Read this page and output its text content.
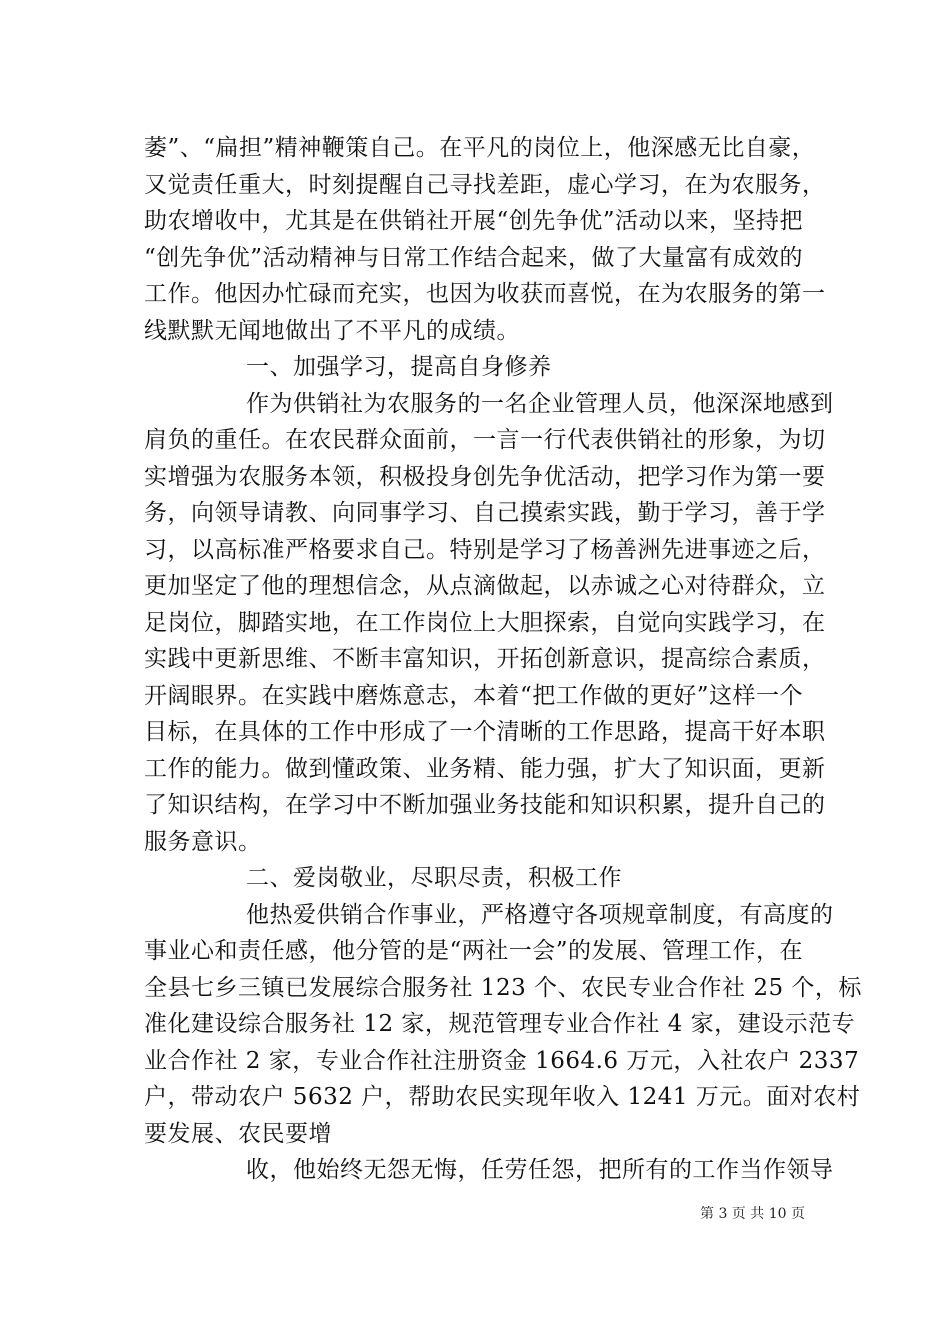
萎”、“扁担”精神鞭策自己。在平凡的岗位上，他深感无比自豪，
又觉责任重大，时刻提醒自己寻找差距，虚心学习，在为农服务，
助农增收中，尤其是在供销社开展“创先争优”活动以来，坚持把
“创先争优”活动精神与日常工作结合起来，做了大量富有成效的
工作。他因办忙碌而充实，也因为收获而喜悦，在为农服务的第一
线默默无闻地做出了不平凡的成绩。
一、加强学习，提高自身修养
作为供销社为农服务的一名企业管理人员，他深深地感到
肩负的重任。在农民群众面前，一言一行代表供销社的形象，为切
实增强为农服务本领，积极投身创先争优活动，把学习作为第一要
务，向领导请教、向同事学习、自己摸索实践，勤于学习，善于学
习，以高标准严格要求自己。特别是学习了杨善洲先进事迹之后，
更加坚定了他的理想信念，从点滴做起，以赤诚之心对待群众，立
足岗位，脚踏实地，在工作岗位上大胆探索，自觉向实践学习，在
实践中更新思维、不断丰富知识，开拓创新意识，提高综合素质，
开阔眼界。在实践中磨炼意志，本着“把工作做的更好”这样一个
目标，在具体的工作中形成了一个清晰的工作思路，提高干好本职
工作的能力。做到懂政策、业务精、能力强，扩大了知识面，更新
了知识结构，在学习中不断加强业务技能和知识积累，提升自己的
服务意识。
二、爱岗敬业，尽职尽责，积极工作
他热爱供销合作事业，严格遵守各项规章制度，有高度的
事业心和责任感，他分管的是“两社一会”的发展、管理工作，在
全县七乡三镇已发展综合服务社 123 个、农民专业合作社 25 个，标
准化建设综合服务社 12 家，规范管理专业合作社 4 家，建设示范专
业合作社 2 家，专业合作社注册资金 1664.6 万元，入社农户 2337
户，带动农户 5632 户，帮助农民实现年收入 1241 万元。面对农村
要发展、农民要增
收，他始终无怨无悔，任劳任怨，把所有的工作当作领导
第 3 页 共 10 页
